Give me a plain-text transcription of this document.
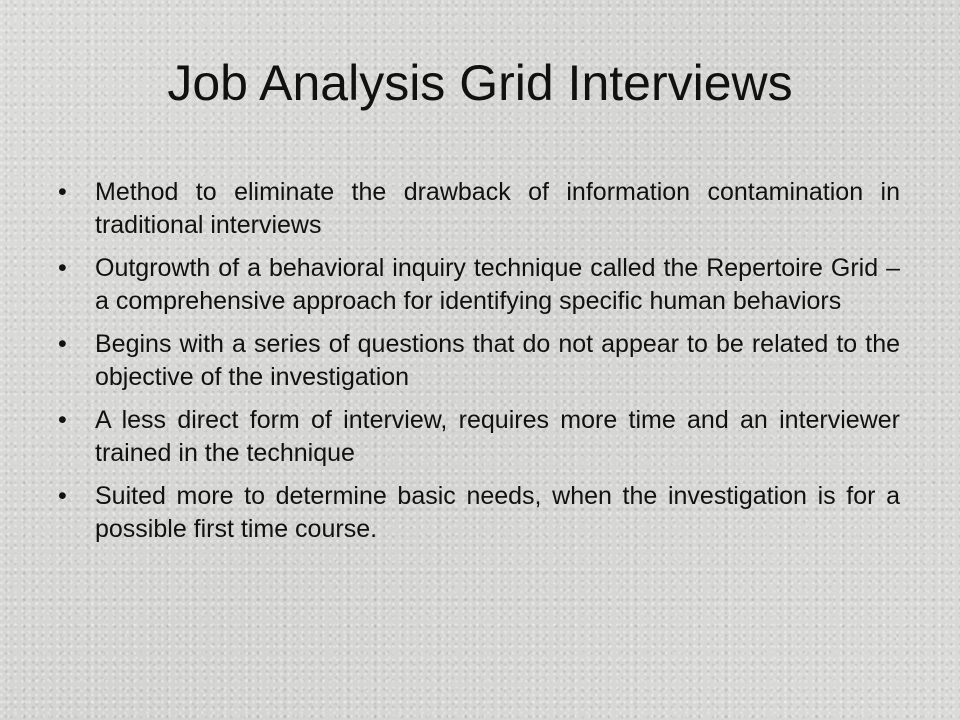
Job Analysis Grid Interviews
•	Method to eliminate the drawback of information contamination in traditional interviews
•	Outgrowth of a behavioral inquiry technique called the Repertoire Grid – a comprehensive approach for identifying specific human behaviors
•	Begins with a series of questions that do not appear to be related to the objective of the investigation
•	A less direct form of interview, requires more time and an interviewer trained in the technique
•	Suited more to determine basic needs, when the investigation is for a possible first time course.
